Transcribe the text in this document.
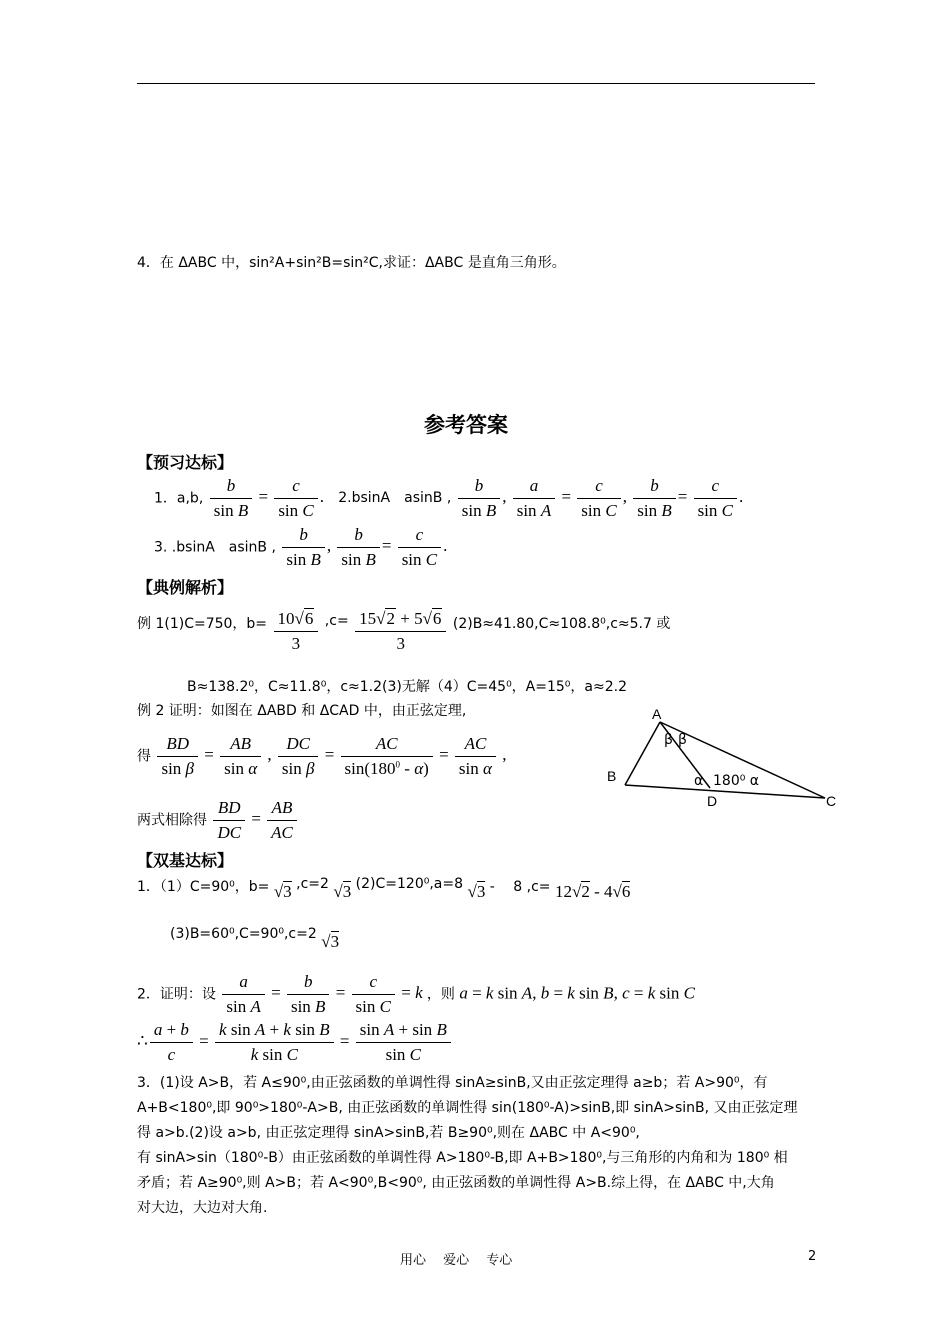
4．在 ΔABC 中，sin²A+sin²B=sin²C,求证：ΔABC 是直角三角形。
参考答案
【预习达标】
1．a,b, $\frac{b}{\text{sin B}} = \frac{c}{\text{sin C}}$ . 2.bsinA　asinB , $\frac{b}{\text{sin B}}$ , $\frac{a}{\text{sin A}} = \frac{c}{\text{sin C}}$ , $\frac{b}{\text{sin B}} = \frac{c}{\text{sin C}}$ .
3. .bsinA　asinB , $\frac{b}{\text{sin B}}$ , $\frac{b}{\text{sin B}} = \frac{c}{\text{sin C}}$ .
【典例解析】
例 1(1)C=750，$b= \frac{10√6}{3} ,c= \frac{15√2 + 5√6}{3} (2)B\approx 41.80,C\approx 108.8^0,c\approx 5.7$ 或
B≈138.2⁰，C≈11.8⁰，c≈1.2(3)无解（4）C=45⁰，A=15⁰，a≈2.2
例 2 证明：如图在 ΔABD 和 ΔCAD 中，由正弦定理,
得 $\frac{BD}{\text{sin β}} = \frac{AB}{\text{sin α}}$ , $\frac{DC}{\text{sin β}} = \frac{AC}{\sin(180^0 - \alpha)} = \frac{AC}{\text{sin α}}$ ,
两式相除得 $\frac{BD}{DC} = \frac{AB}{AC}$
A
B
C
D
β β
α 180⁰ α
【双基达标】
1．（1）C=90⁰，b= √3 ,c=2 √3 (2)C=120⁰,a=8 √3 - 　8 ,c= 12√2 - 4√6
(3)B=60⁰,C=90⁰,c=2 √3
2．证明：设 $\frac{a}{\text{sin A}} = \frac{b}{\text{sin B}} = \frac{c}{\text{sin C}} = k$ ，则 a = k sin A, b = k sin B, c = k sin C
∴ $\frac{a + b}{c} = \frac{\text{k sin A + k sin B}}{\text{k sin C}} = \frac{\text{sin A + sin B}}{\text{sin C}}$
3．(1)设 A>B，若 A≤90⁰,由正弦函数的单调性得 sinA≥sinB,又由正弦定理得 a≥b；若 A>90⁰，有
A+B<180⁰,即 90⁰>180⁰-A>B, 由正弦函数的单调性得 sin(180⁰-A)>sinB,即 sinA>sinB, 又由正弦定理
得 a>b.(2)设 a>b, 由正弦定理得 sinA>sinB,若 B≥90⁰,则在 ΔABC 中 A<90⁰,
有 sinA>sin（180⁰-B）由正弦函数的单调性得 A>180⁰-B,即 A+B>180⁰,与三角形的内角和为 180⁰ 相
矛盾；若 A≥90⁰,则 A>B；若 A<90⁰,B<90⁰, 由正弦函数的单调性得 A>B.综上得，在 ΔABC 中,大角
对大边，大边对大角.
用心　 爱心　 专心	2
